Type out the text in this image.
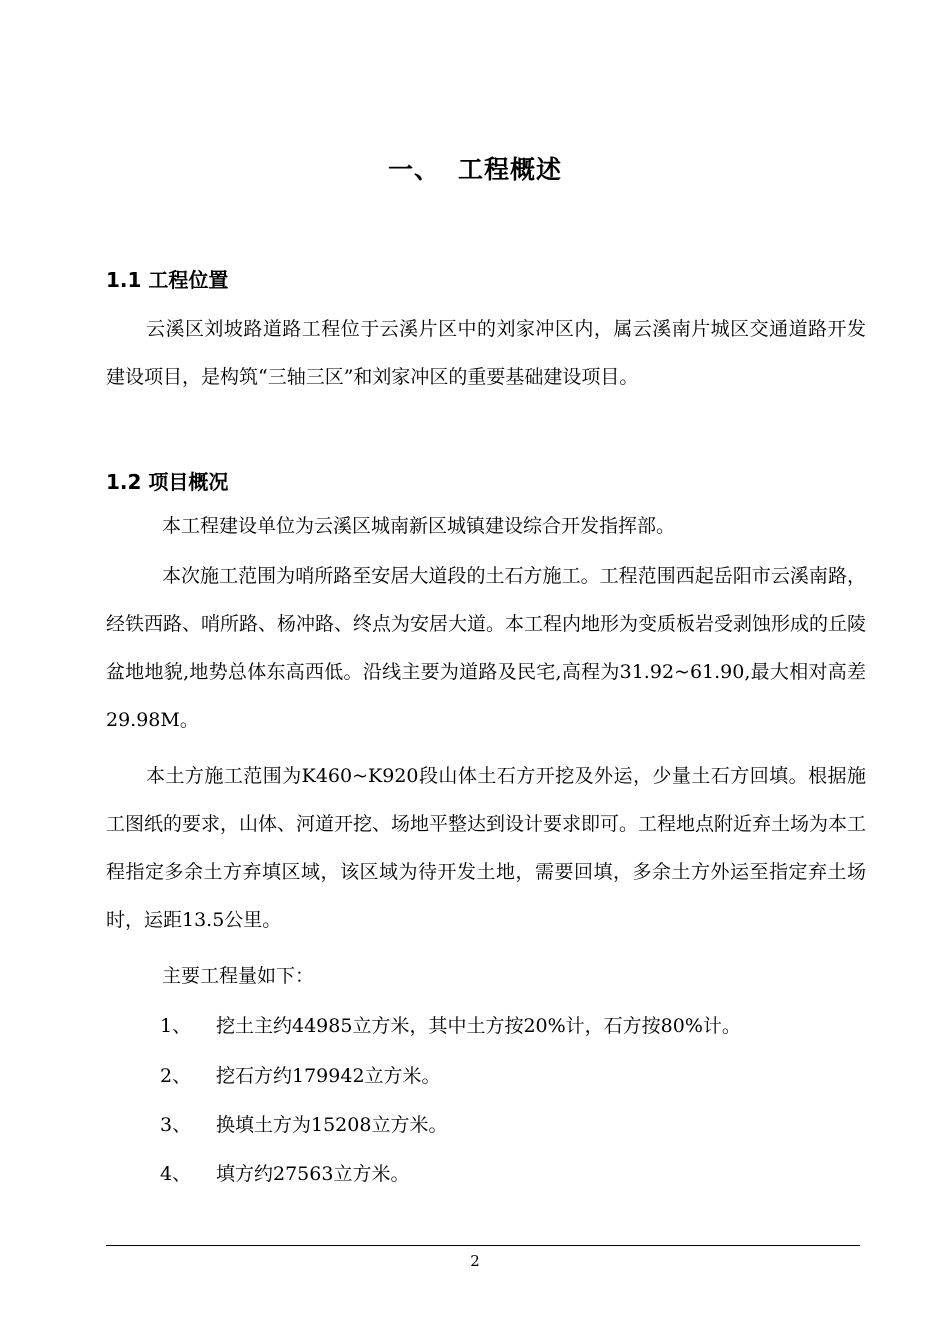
一、 工程概述
1.1 工程位置

云溪区刘坡路道路工程位于云溪片区中的刘家冲区内，属云溪南片城区交通道路开发建设项目，是构筑“三轴三区”和刘家冲区的重要基础建设项目。

1.2 项目概况

本工程建设单位为云溪区城南新区城镇建设综合开发指挥部。

本次施工范围为哨所路至安居大道段的土石方施工。工程范围西起岳阳市云溪南路，经铁西路、哨所路、杨冲路、终点为安居大道。本工程内地形为变质板岩受剥蚀形成的丘陵盆地地貌,地势总体东高西低。沿线主要为道路及民宅,高程为31.92~61.90,最大相对高差29.98M。

本土方施工范围为K460~K920段山体土石方开挖及外运，少量土石方回填。根据施工图纸的要求，山体、河道开挖、场地平整达到设计要求即可。工程地点附近弃土场为本工程指定多余土方弃填区域，该区域为待开发土地，需要回填，多余土方外运至指定弃土场时，运距13.5公里。

主要工程量如下：

1、 挖土主约44985立方米，其中土方按20%计，石方按80%计。
2、 挖石方约179942立方米。
3、 换填土方为15208立方米。
4、 填方约27563立方米。
2
